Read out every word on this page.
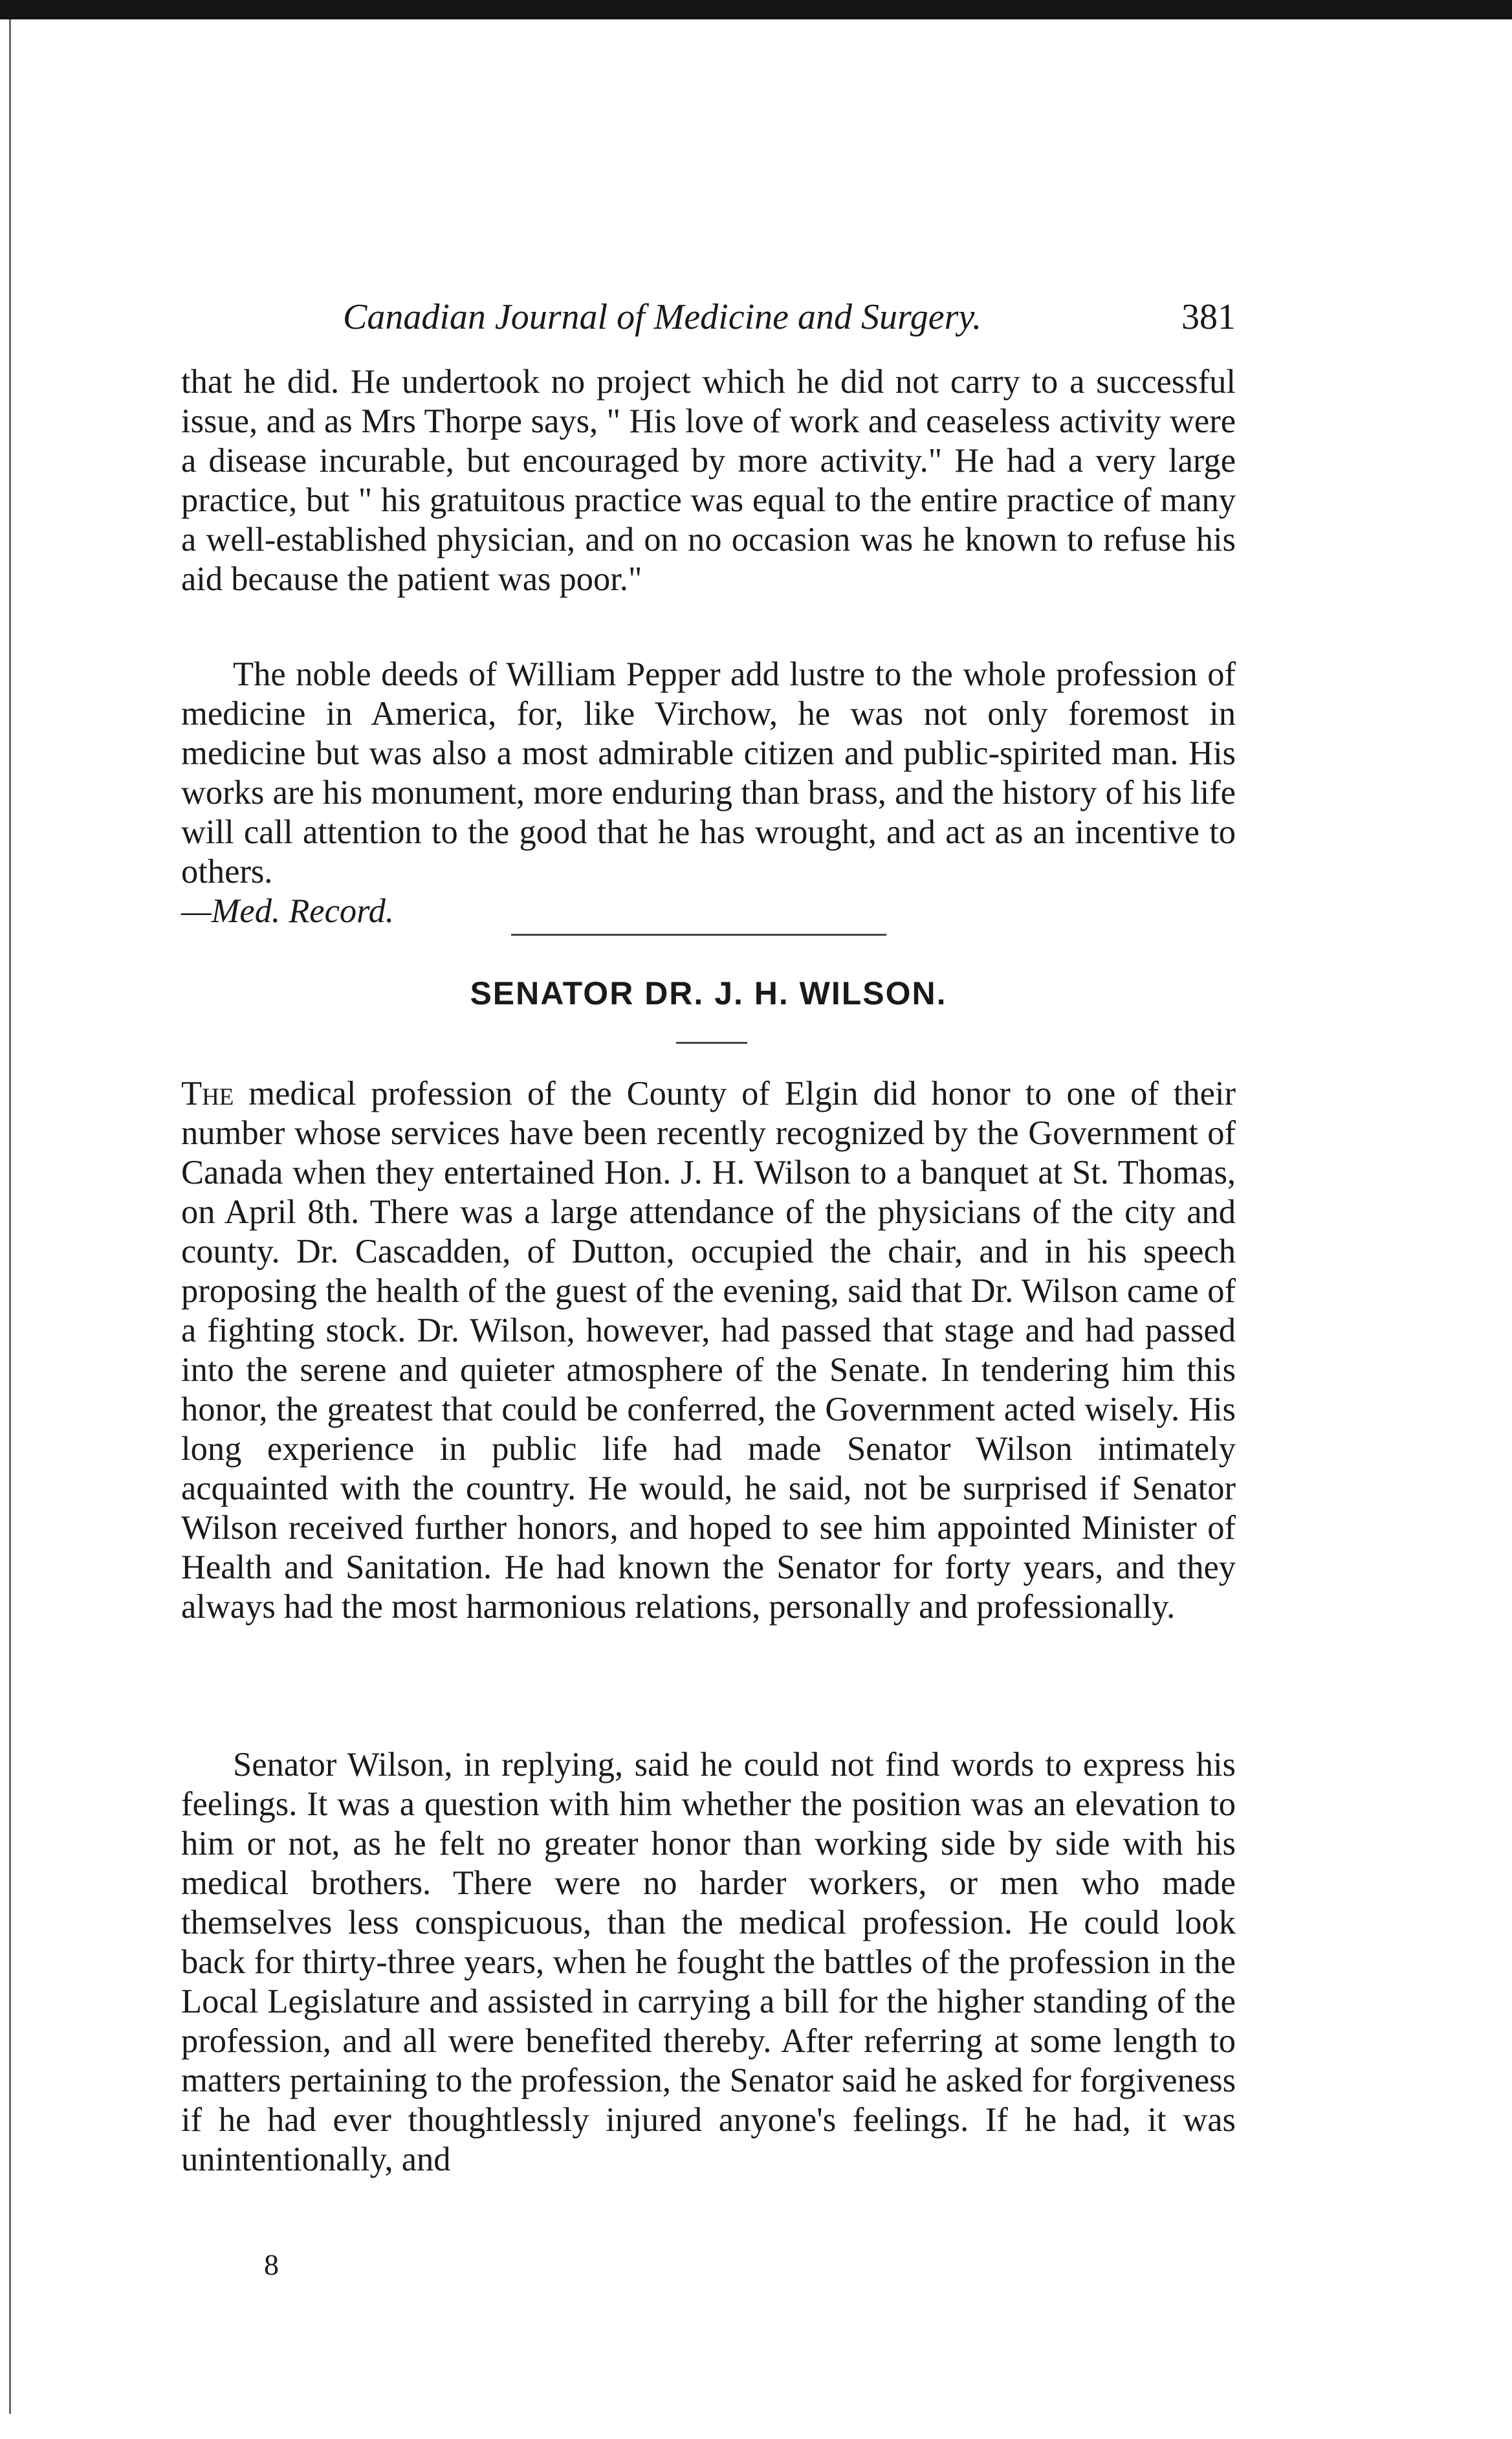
Canadian Journal of Medicine and Surgery.	381

that he did. He undertook no project which he did not carry to a successful issue, and as Mrs Thorpe says, " His love of work and ceaseless activity were a disease incurable, but encouraged by more activity." He had a very large practice, but " his gratuitous practice was equal to the entire practice of many a well-established physician, and on no occasion was he known to refuse his aid because the patient was poor."

The noble deeds of William Pepper add lustre to the whole profession of medicine in America, for, like Virchow, he was not only foremost in medicine but was also a most admirable citizen and public-spirited man. His works are his monument, more enduring than brass, and the history of his life will call attention to the good that he has wrought, and act as an incentive to others.

—Med. Record.
SENATOR DR. J. H. WILSON.

The medical profession of the County of Elgin did honor to one of their number whose services have been recently recognized by the Government of Canada when they entertained Hon. J. H. Wilson to a banquet at St. Thomas, on April 8th. There was a large attendance of the physicians of the city and county. Dr. Cascadden, of Dutton, occupied the chair, and in his speech proposing the health of the guest of the evening, said that Dr. Wilson came of a fighting stock. Dr. Wilson, however, had passed that stage and had passed into the serene and quieter atmosphere of the Senate. In tendering him this honor, the greatest that could be conferred, the Government acted wisely. His long experience in public life had made Senator Wilson intimately acquainted with the country. He would, he said, not be surprised if Senator Wilson received further honors, and hoped to see him appointed Minister of Health and Sanitation. He had known the Senator for forty years, and they always had the most harmonious relations, personally and professionally.

Senator Wilson, in replying, said he could not find words to express his feelings. It was a question with him whether the position was an elevation to him or not, as he felt no greater honor than working side by side with his medical brothers. There were no harder workers, or men who made themselves less conspicuous, than the medical profession. He could look back for thirty-three years, when he fought the battles of the profession in the Local Legislature and assisted in carrying a bill for the higher standing of the profession, and all were benefited thereby. After referring at some length to matters pertaining to the profession, the Senator said he asked for forgiveness if he had ever thoughtlessly injured anyone's feelings. If he had, it was unintentionally, and

8
